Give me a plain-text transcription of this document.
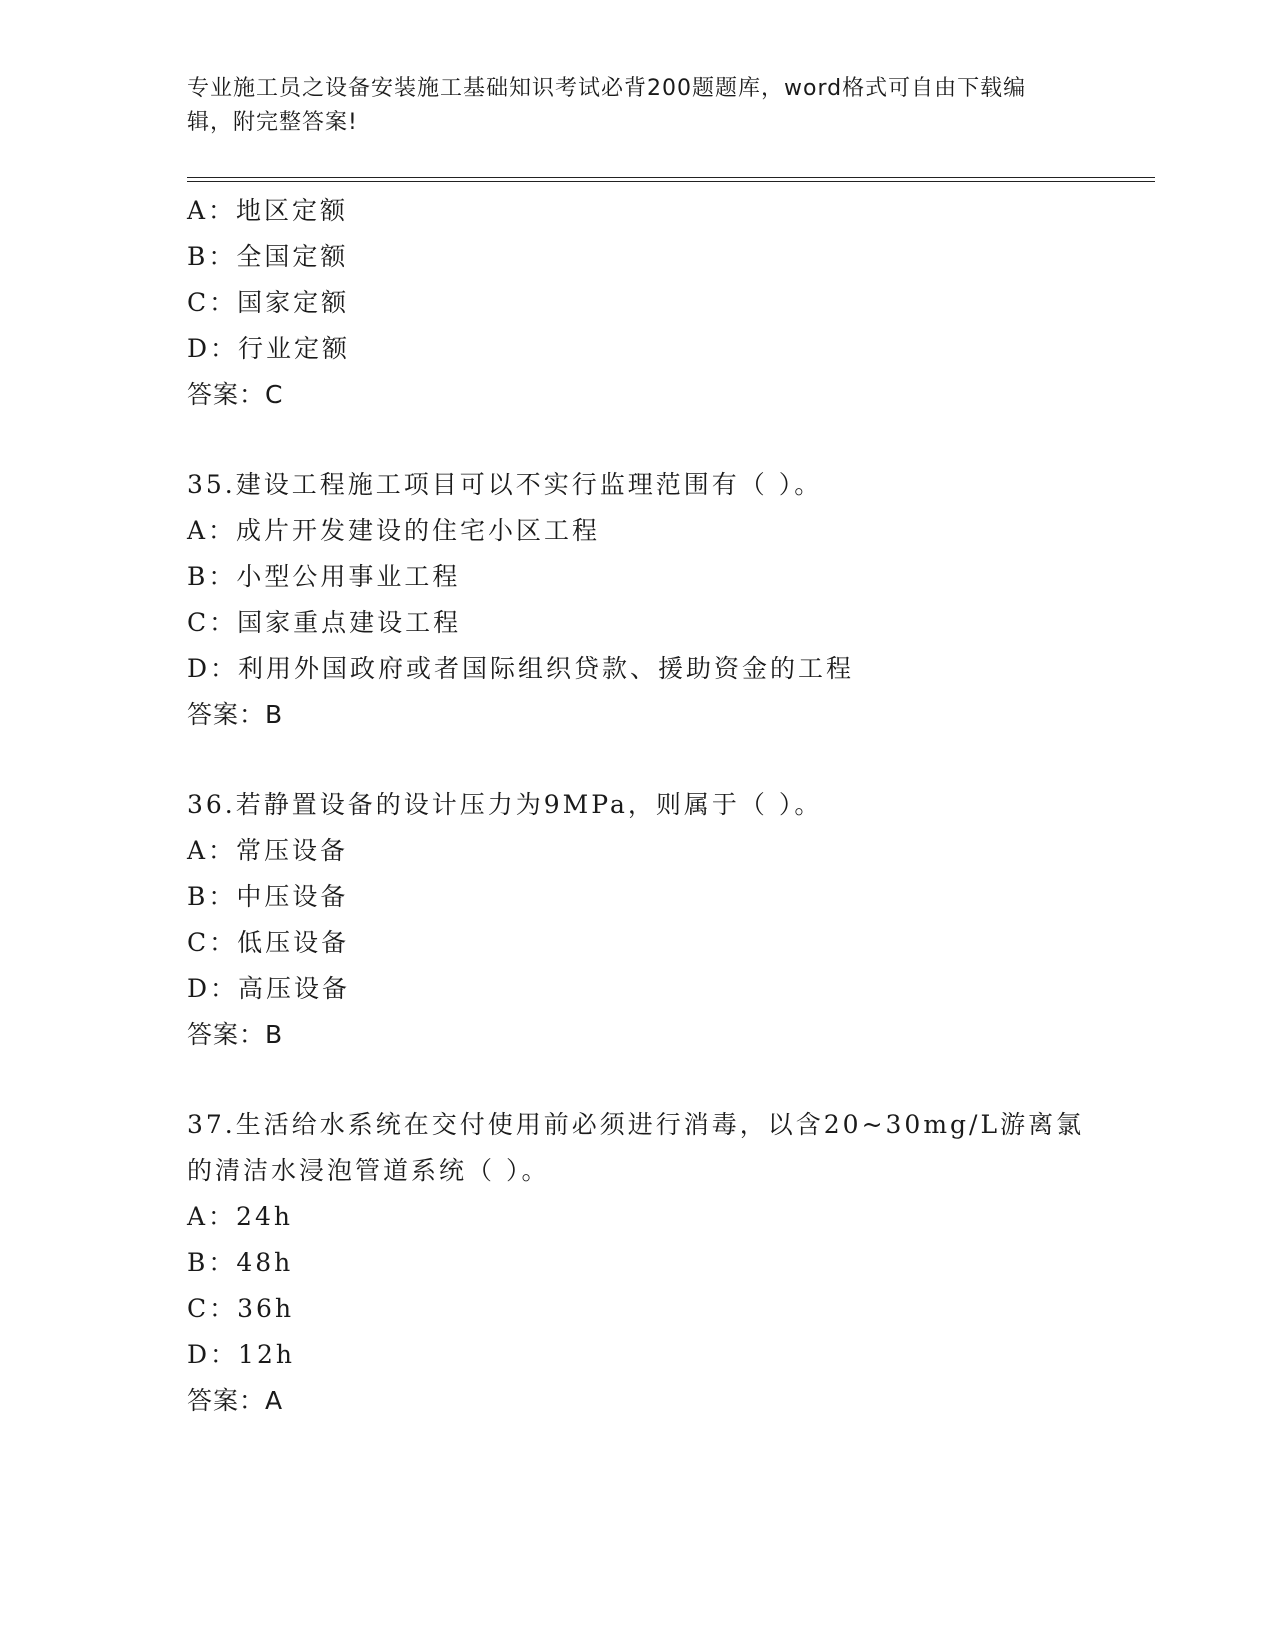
专业施工员之设备安装施工基础知识考试必背200题题库，word格式可自由下载编辑，附完整答案!
A：地区定额
B：全国定额
C：国家定额
D：行业定额
答案：C
35.建设工程施工项目可以不实行监理范围有（ ）。
A：成片开发建设的住宅小区工程
B：小型公用事业工程
C：国家重点建设工程
D：利用外国政府或者国际组织贷款、援助资金的工程
答案：B
36.若静置设备的设计压力为9MPa，则属于（ ）。
A：常压设备
B：中压设备
C：低压设备
D：高压设备
答案：B
37.生活给水系统在交付使用前必须进行消毒，以含20~30mg/L游离氯
的清洁水浸泡管道系统（ ）。
A：24h
B：48h
C：36h
D：12h
答案：A
